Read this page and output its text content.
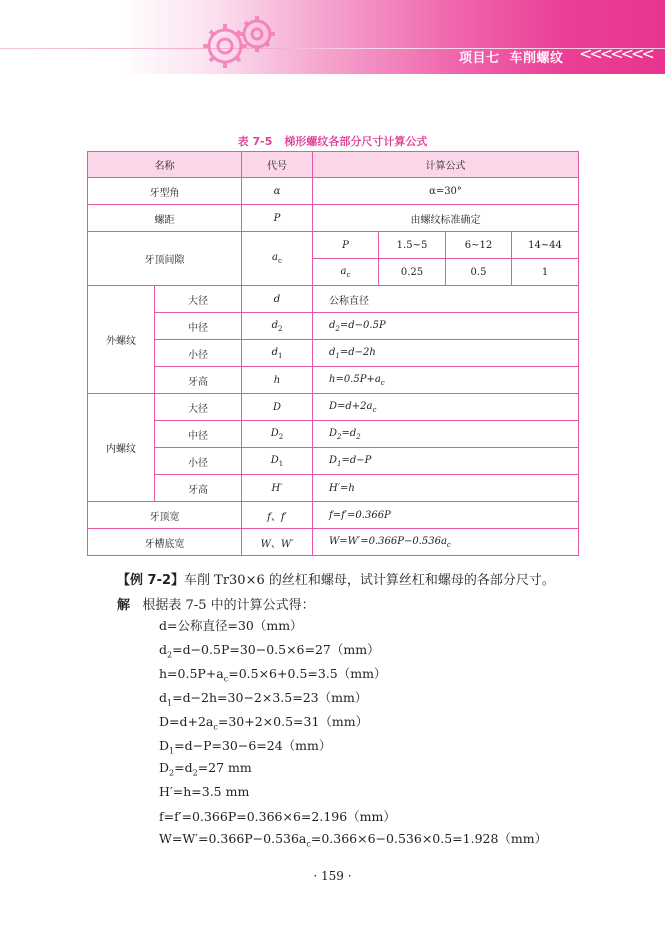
项目七 车削螺纹 <<<<<<<
表 7-5 梯形螺纹各部分尺寸计算公式
名称		代号	计算公式			
牙型角		α	α=30°			
螺距		P	由螺纹标准确定			
牙顶间隙		$a_c$	P	1.5~5	6~12	14~44
			$a_c$	0.25	0.5	1
外螺纹	大径	d	公称直径			
	中径	$d_2$	$d_2=d-0.5P$			
	小径	$d_1$	$d_1=d-2h$			
	牙高	h	$h=0.5P+a_c$
内螺纹	大径	D	$D=d+2a_c$
	中径	$D_2$	$D_2=d_2$
	小径	$D_1$	$D_1=d-P$			
	牙高	H′	H′=h			
牙顶宽		f、f′	f=f′=0.366P			
牙槽底宽		W、W′	$W=W'=0.366P-0.536a_c$
【例 7-2】车削 Tr30×6 的丝杠和螺母，试计算丝杠和螺母的各部分尺寸。
解 根据表 7-5 中的计算公式得：
d=公称直径=30（mm）
$d_2=d-0.5P=30-0.5\times 6=27(mm)$
$h=0.5P+a_c=0.5\times 6+0.5=3.5(mm)$
$d_1=d-2h=30-2\times 3.5=23(mm)$
$D=d+2a_c=30+2\times 0.5=31(mm)$
$D_1=d-P=30-6=24(mm)$
$D_2=d_2=27$ mm
H′=h=3.5 mm
f=f′=0.366P=0.366×6=2.196（mm）
$W=W'=0.366P-0.536a_c=0.366\times 6-0.536\times 0.5=1.928(mm)$
· 159 ·
